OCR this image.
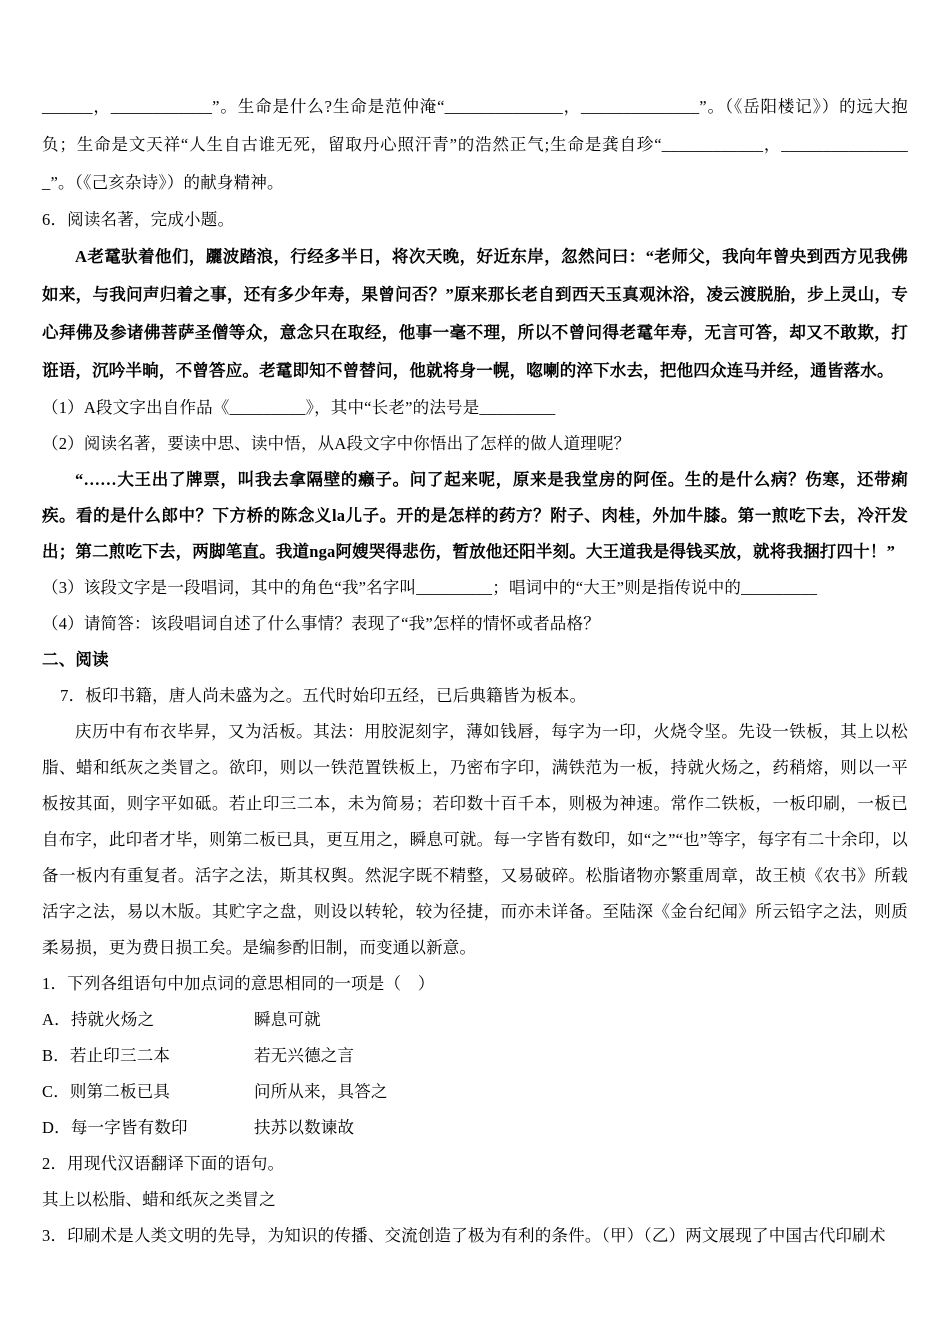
______，____________”。生命是什么?生命是范仲淹“______________，______________”。（《岳阳楼记》）的远大抱负；生命是文天祥“人生自古谁无死，留取丹心照汗青”的浩然正气;生命是龚自珍“____________，________________”。（《己亥杂诗》）的献身精神。

6．阅读名著，完成小题。

A老鼋驮着他们，躧波踏浪，行经多半日，将次天晚，好近东岸，忽然问曰：“老师父，我向年曾央到西方见我佛如来，与我问声归着之事，还有多少年寿，果曾问否？”原来那长老自到西天玉真观沐浴，凌云渡脱胎，步上灵山，专心拜佛及参诸佛菩萨圣僧等众，意念只在取经，他事一毫不理，所以不曾问得老鼋年寿，无言可答，却又不敢欺，打诳语，沉吟半晌，不曾答应。老鼋即知不曾替问，他就将身一幌，唿喇的淬下水去，把他四众连马并经，通皆落水。

（1）A段文字出自作品《_________》，其中“长老”的法号是_________

（2）阅读名著，要读中思、读中悟，从A段文字中你悟出了怎样的做人道理呢？

“……大王出了牌票，叫我去拿隔壁的癞子。问了起来呢，原来是我堂房的阿侄。生的是什么病？伤寒，还带痢疾。看的是什么郎中？下方桥的陈念义la儿子。开的是怎样的药方？附子、肉桂，外加牛膝。第一煎吃下去，冷汗发出；第二煎吃下去，两脚笔直。我道nga阿嫂哭得悲伤，暂放他还阳半刻。大王道我是得钱买放，就将我捆打四十！”

（3）该段文字是一段唱词，其中的角色“我”名字叫_________；唱词中的“大王”则是指传说中的_________

（4）请简答：该段唱词自述了什么事情？表现了“我”怎样的情怀或者品格？

二、阅读

7．板印书籍，唐人尚未盛为之。五代时始印五经，已后典籍皆为板本。

庆历中有布衣毕昇，又为活板。其法：用胶泥刻字，薄如钱唇，每字为一印，火烧令坚。先设一铁板，其上以松脂、蜡和纸灰之类冒之。欲印，则以一铁范置铁板上，乃密布字印，满铁范为一板，持就火炀之，药稍熔，则以一平板按其面，则字平如砥。若止印三二本，未为简易；若印数十百千本，则极为神速。常作二铁板，一板印刷，一板已自布字，此印者才毕，则第二板已具，更互用之，瞬息可就。每一字皆有数印，如“之”“也”等字，每字有二十余印，以备一板内有重复者。活字之法，斯其权舆。然泥字既不精整，又易破碎。松脂诸物亦繁重周章，故王桢《农书》所载活字之法，易以木版。其贮字之盘，则设以转轮，较为径捷，而亦未详备。至陆深《金台纪闻》所云铅字之法，则质柔易损，更为费日损工矣。是编参酌旧制，而变通以新意。

1．下列各组语句中加点词的意思相同的一项是（　）

A．持就火炀之	瞬息可就
B．若止印三二本	若无兴德之言
C．则第二板已具	问所从来，具答之
D．每一字皆有数印	扶苏以数谏故

2．用现代汉语翻译下面的语句。

其上以松脂、蜡和纸灰之类冒之

3．印刷术是人类文明的先导，为知识的传播、交流创造了极为有利的条件。（甲）（乙）两文展现了中国古代印刷术
